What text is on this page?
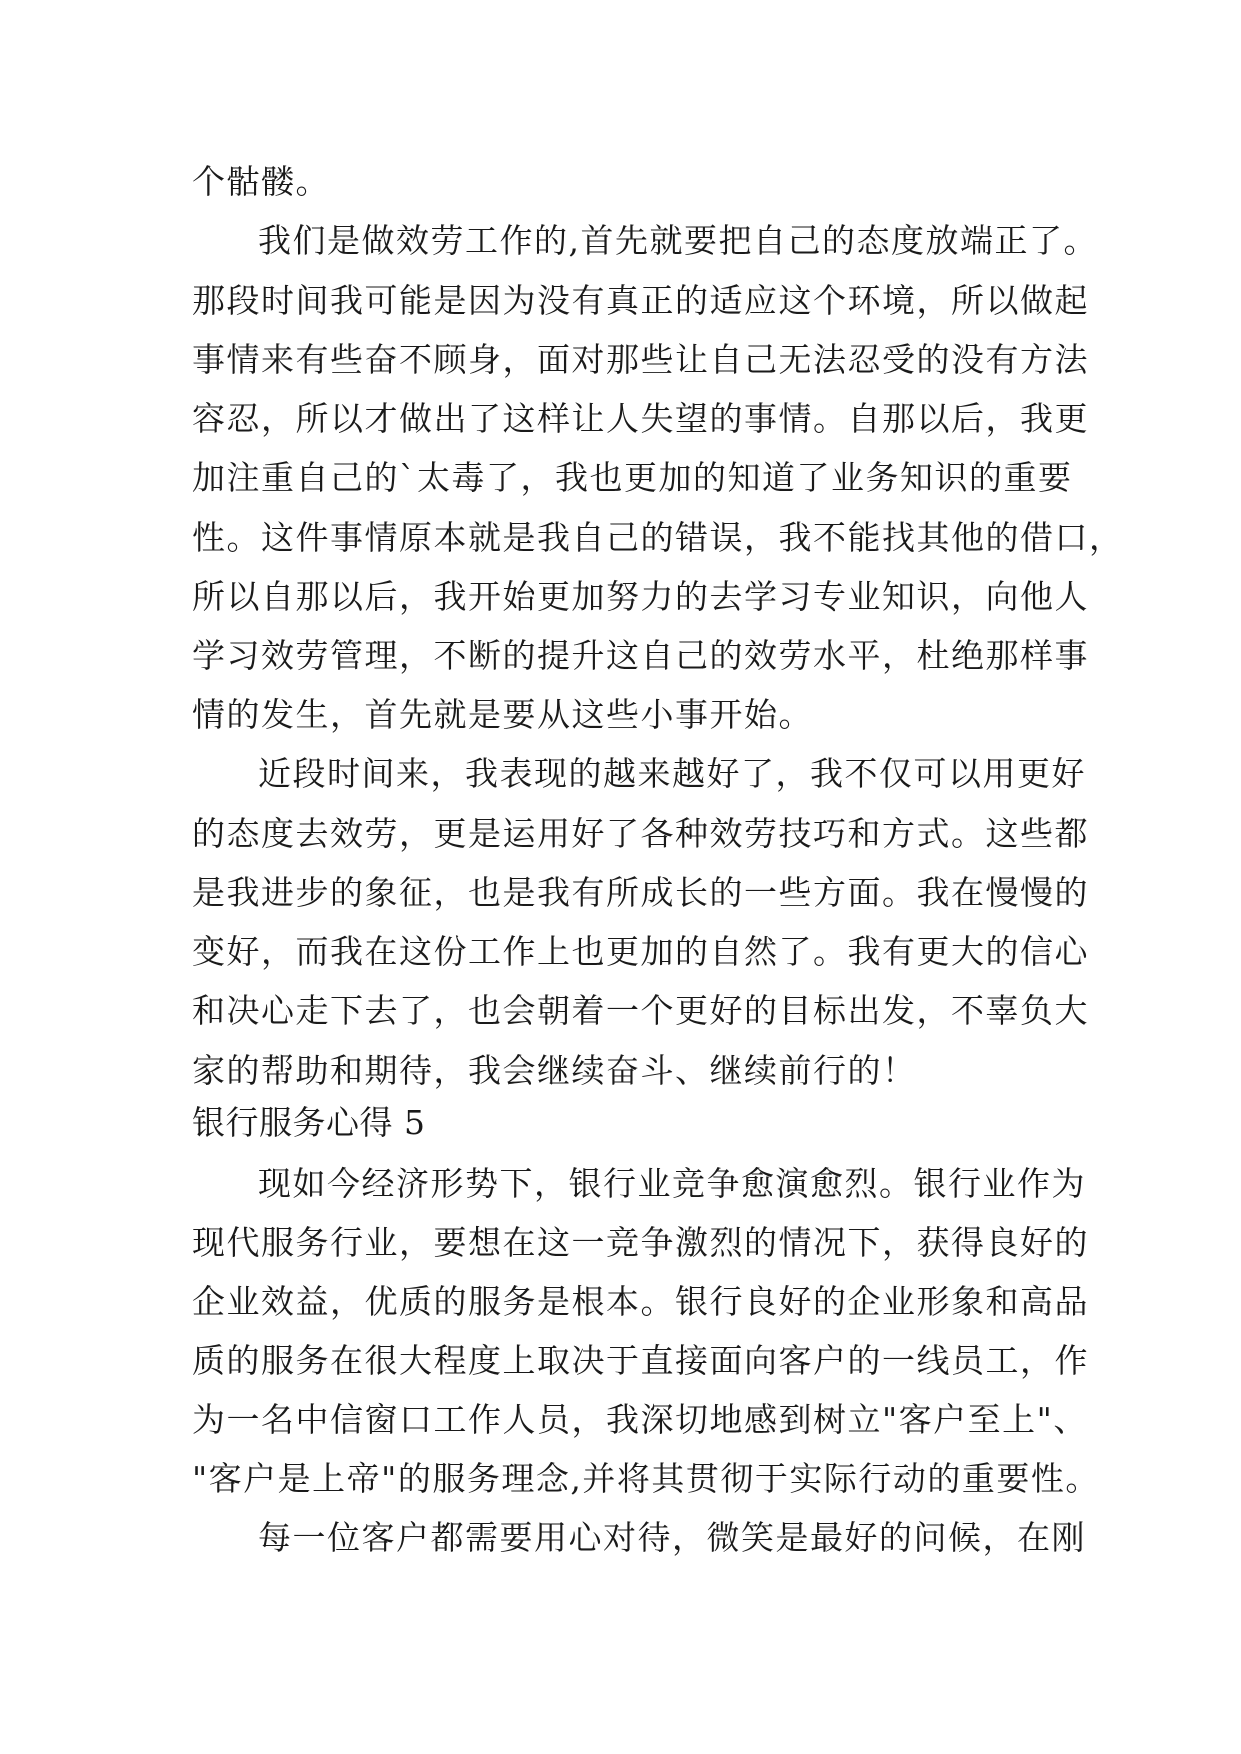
个骷髅。
我们是做效劳工作的,首先就要把自己的态度放端正了。
那段时间我可能是因为没有真正的适应这个环境，所以做起
事情来有些奋不顾身，面对那些让自己无法忍受的没有方法
容忍，所以才做出了这样让人失望的事情。自那以后，我更
加注重自己的`太毒了，我也更加的知道了业务知识的重要
性。这件事情原本就是我自己的错误，我不能找其他的借口，
所以自那以后，我开始更加努力的去学习专业知识，向他人
学习效劳管理，不断的提升这自己的效劳水平，杜绝那样事
情的发生，首先就是要从这些小事开始。
近段时间来，我表现的越来越好了，我不仅可以用更好
的态度去效劳，更是运用好了各种效劳技巧和方式。这些都
是我进步的象征，也是我有所成长的一些方面。我在慢慢的
变好，而我在这份工作上也更加的自然了。我有更大的信心
和决心走下去了，也会朝着一个更好的目标出发，不辜负大
家的帮助和期待，我会继续奋斗、继续前行的！
银行服务心得 5
现如今经济形势下，银行业竞争愈演愈烈。银行业作为
现代服务行业，要想在这一竞争激烈的情况下，获得良好的
企业效益，优质的服务是根本。银行良好的企业形象和高品
质的服务在很大程度上取决于直接面向客户的一线员工，作
为一名中信窗口工作人员，我深切地感到树立"客户至上"、
"客户是上帝"的服务理念,并将其贯彻于实际行动的重要性。
每一位客户都需要用心对待，微笑是最好的问候，在刚
